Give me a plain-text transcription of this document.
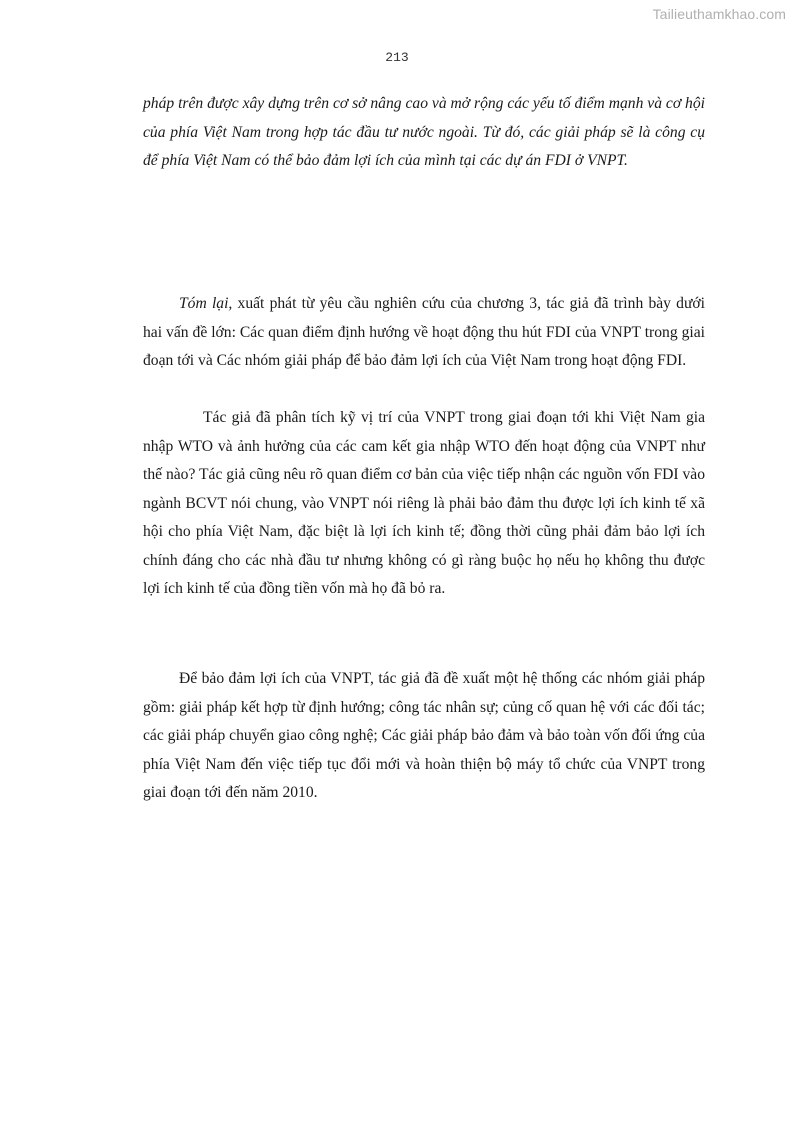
Tailieuthamkhao.com
213

pháp trên được xây dựng trên cơ sở nâng cao và mở rộng các yếu tố điểm mạnh và cơ hội của phía Việt Nam trong hợp tác đầu tư nước ngoài. Từ đó, các giải pháp sẽ là công cụ để phía Việt Nam có thể bảo đảm lợi ích của mình tại các dự án FDI ở VNPT.

Tóm lại, xuất phát từ yêu cầu nghiên cứu của chương 3, tác giả đã trình bày dưới hai vấn đề lớn: Các quan điểm định hướng về hoạt động thu hút FDI của VNPT trong giai đoạn tới và Các nhóm giải pháp để bảo đảm lợi ích của Việt Nam trong hoạt động FDI.

Tác giả đã phân tích kỹ vị trí của VNPT trong giai đoạn tới khi Việt Nam gia nhập WTO và ảnh hưởng của các cam kết gia nhập WTO đến hoạt động của VNPT như thế nào? Tác giả cũng nêu rõ quan điểm cơ bản của việc tiếp nhận các nguồn vốn FDI vào ngành BCVT nói chung, vào VNPT nói riêng là phải bảo đảm thu được lợi ích kinh tế xã hội cho phía Việt Nam, đặc biệt là lợi ích kinh tế; đồng thời cũng phải đảm bảo lợi ích chính đáng cho các nhà đầu tư nhưng không có gì ràng buộc họ nếu họ không thu được lợi ích kinh tế của đồng tiền vốn mà họ đã bỏ ra.

Để bảo đảm lợi ích của VNPT, tác giả đã đề xuất một hệ thống các nhóm giải pháp gồm: giải pháp kết hợp từ định hướng; công tác nhân sự; củng cố quan hệ với các đối tác; các giải pháp chuyển giao công nghệ; Các giải pháp bảo đảm và bảo toàn vốn đối ứng của phía Việt Nam đến việc tiếp tục đổi mới và hoàn thiện bộ máy tổ chức của VNPT trong giai đoạn tới đến năm 2010.
